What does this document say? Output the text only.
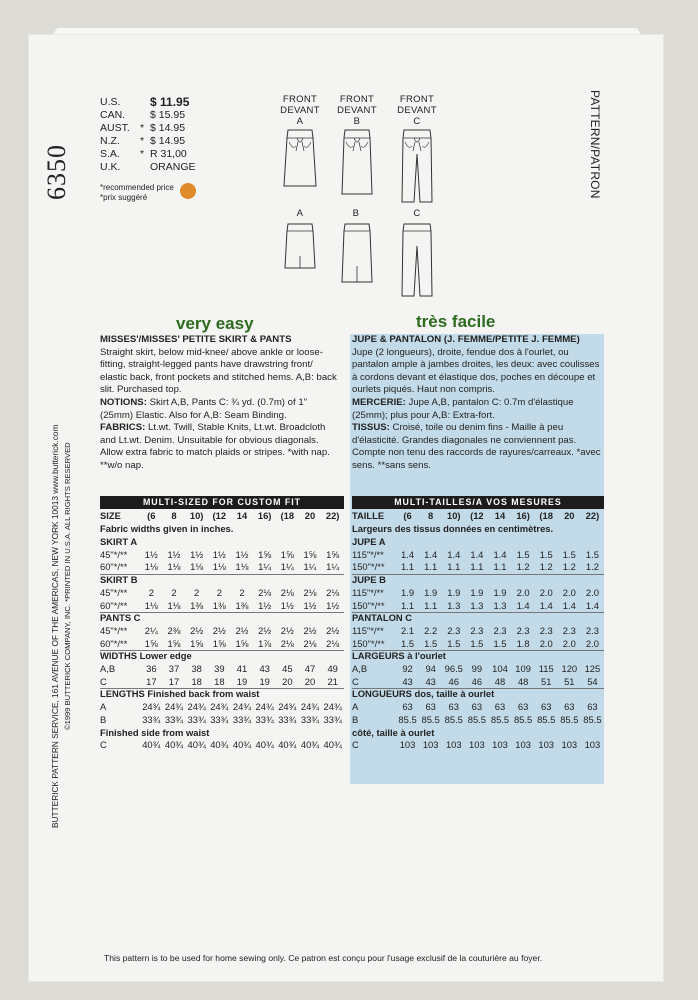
6350
BUTTERICK PATTERN SERVICE, 161 AVENUE OF THE AMERICAS, NEW YORK 10013 www.butterick.com ©1999 BUTTERICK COMPANY, INC. *PRINTED IN U.S.A. ALL RIGHTS RESERVED
PATTERN/PATRON
U.S. $ 11.95
CAN. $ 15.95
AUST. * $ 14.95
N.Z. * $ 14.95
S.A. * R 31,00
U.K.	ORANGE
*recommended price
*prix suggéré
FRONT
DEVANT
A
FRONT
DEVANT
B
FRONT
DEVANT
C
A	B	C
very easy	très facile
MISSES'/MISSES' PETITE SKIRT & PANTS
Straight skirt, below mid-knee/ above ankle or loose-fitting, straight-legged pants have drawstring front/ elastic back, front pockets and stitched hems. A,B: back slit. Purchased top.
NOTIONS: Skirt A,B, Pants C: ¾ yd. (0.7m) of 1" (25mm) Elastic. Also for A,B: Seam Binding.
FABRICS: Lt.wt. Twill, Stable Knits, Lt.wt. Broadcloth and Lt.wt. Denim. Unsuitable for obvious diagonals. Allow extra fabric to match plaids or stripes. *with nap. **w/o nap.
JUPE & PANTALON (J. FEMME/PETITE J. FEMME)
Jupe (2 longueurs), droite, fendue dos à l'ourlet, ou pantalon ample à jambes droites, les deux: avec coulisses à cordons devant et élastique dos, poches en découpe et ourlets piqués. Haut non compris.
MERCERIE: Jupe A,B, pantalon C: 0.7m d'élastique (25mm); plus pour A,B: Extra-fort.
TISSUS: Croisé, toile ou denim fins - Maille à peu d'élasticité. Grandes diagonales ne conviennent pas. Compte non tenu des raccords de rayures/carreaux. *avec sens. **sans sens.
MULTI-SIZED FOR CUSTOM FIT
SIZE	(6	8	10) (12	14	16) (18	20	22)
Fabric widths given in inches.
SKIRT A
45"*/**	1½	1½	1½	1½	1½	1⅝	1⅝	1⅝	1⅝
60"*/**	1⅛	1⅛	1⅛	1⅛	1⅛	1¼	1¼	1¼	1¼
SKIRT B
45"*/**	2	2	2	2	2	2⅛	2⅛	2⅛	2⅛
60"*/**	1⅛	1⅛	1⅜	1⅜	1⅜	1½	1½	1½	1½
PANTS C
45"*/**	2¼	2⅜	2½	2½	2½	2½	2½	2½	2½
60"*/**	1⅝	1⅝	1⅝	1⅝	1⅝	1⅞	2⅛	2⅛	2⅛
WIDTHS Lower edge
A,B	36	37	38	39	41	43	45	47	49
C	17	17	18	18	19	19	20	20	21
LENGTHS Finished back from waist
A	24¾ 24¾ 24¾ 24¾ 24¾ 24¾ 24¾ 24¾ 24¾
B	33¾ 33¾ 33¾ 33¾ 33¾ 33¾ 33¾ 33¾ 33¾
Finished side from waist
C	40¾ 40¾ 40¾ 40¾ 40¾ 40¾ 40¾ 40¾ 40¾
MULTI-TAILLES/A VOS MESURES
TAILLE	(6	8	10)	(12	14	16)	(18	20	22)
Largeurs des tissus données en centimètres.
JUPE A
115"*/**	1.4	1.4	1.4	1.4	1.4	1.5	1.5	1.5	1.5
150"*/**	1.1	1.1	1.1	1.1	1.1	1.2	1.2	1.2	1.2
JUPE B
115"*/**	1.9	1.9	1.9	1.9	1.9	2.0	2.0	2.0	2.0
150"*/**	1.1	1.1	1.3	1.3	1.3	1.4	1.4	1.4	1.4
PANTALON C
115"*/**	2.1	2.2	2.3	2.3	2.3	2.3	2.3	2.3	2.3
150"*/**	1.5	1.5	1.5	1.5	1.5	1.8	2.0	2.0	2.0
LARGEURS à l'ourlet
A,B	92	94 96.5 99	104 109 115 120 125
C	43	43	46	46	48	48	51	51	54
LONGUEURS dos, taille à ourlet
A	63	63	63	63	63	63	63	63	63
B	85.5 85.5 85.5 85.5 85.5 85.5 85.5 85.5 85.5
côté, taille à ourlet
C	103 103 103 103 103 103 103 103 103
This pattern is to be used for home sewing only. Ce patron est conçu pour l'usage exclusif de la couturière au foyer.
